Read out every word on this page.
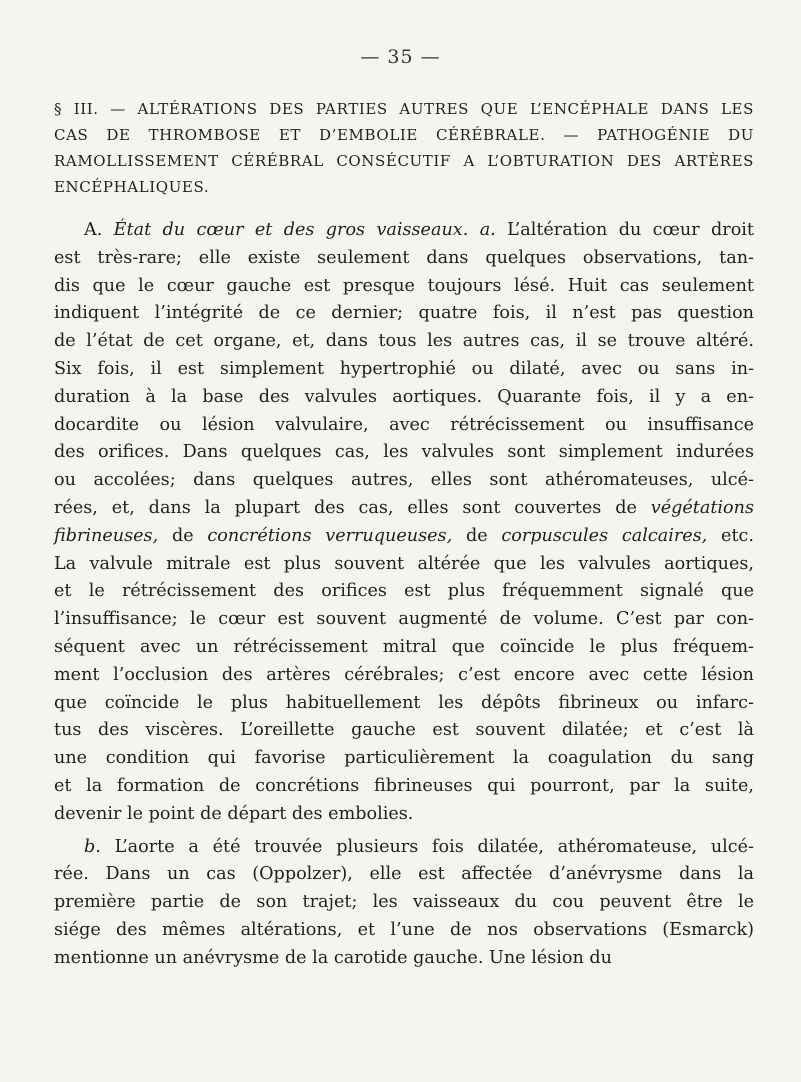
— 35 —
§ III. — ALTÉRATIONS DES PARTIES AUTRES QUE L’ENCÉPHALE DANS LES
CAS DE THROMBOSE ET D’EMBOLIE CÉRÉBRALE. — PATHOGÉNIE DU
RAMOLLISSEMENT CÉRÉBRAL CONSÉCUTIF A L’OBTURATION DES ARTÈRES
ENCÉPHALIQUES.
A. État du cœur et des gros vaisseaux. a. L’altération du cœur droit
est très-rare; elle existe seulement dans quelques observations, tan-
dis que le cœur gauche est presque toujours lésé. Huit cas seulement
indiquent l’intégrité de ce dernier; quatre fois, il n’est pas question
de l’état de cet organe, et, dans tous les autres cas, il se trouve altéré.
Six fois, il est simplement hypertrophié ou dilaté, avec ou sans in-
duration à la base des valvules aortiques. Quarante fois, il y a en-
docardite ou lésion valvulaire, avec rétrécissement ou insuffisance
des orifices. Dans quelques cas, les valvules sont simplement indurées
ou accolées; dans quelques autres, elles sont athéromateuses, ulcé-
rées, et, dans la plupart des cas, elles sont couvertes de végétations
fibrineuses, de concrétions verruqueuses, de corpuscules calcaires, etc.
La valvule mitrale est plus souvent altérée que les valvules aortiques,
et le rétrécissement des orifices est plus fréquemment signalé que
l’insuffisance; le cœur est souvent augmenté de volume. C’est par con-
séquent avec un rétrécissement mitral que coïncide le plus fréquem-
ment l’occlusion des artères cérébrales; c’est encore avec cette lésion
que coïncide le plus habituellement les dépôts fibrineux ou infarc-
tus des viscères. L’oreillette gauche est souvent dilatée; et c’est là
une condition qui favorise particulièrement la coagulation du sang
et la formation de concrétions fibrineuses qui pourront, par la suite,
devenir le point de départ des embolies.
b. L’aorte a été trouvée plusieurs fois dilatée, athéromateuse, ulcé-
rée. Dans un cas (Oppolzer), elle est affectée d’anévrysme dans la
première partie de son trajet; les vaisseaux du cou peuvent être le
siége des mêmes altérations, et l’une de nos observations (Esmarck)
mentionne un anévrysme de la carotide gauche. Une lésion du
